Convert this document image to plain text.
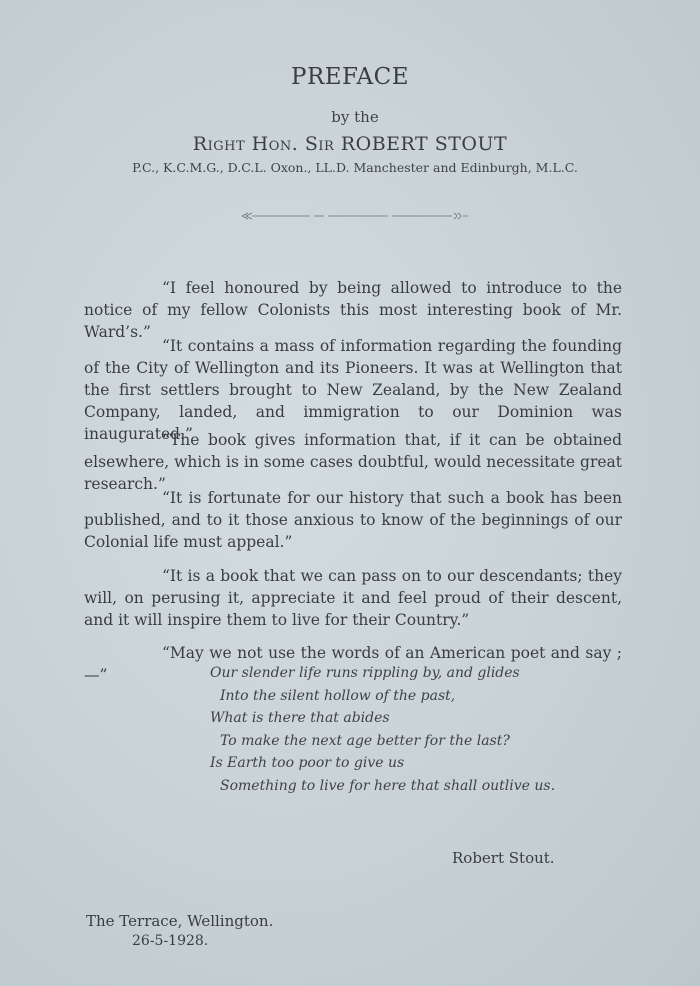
PREFACE
by the
Right Hon. Sir ROBERT STOUT
P.C., K.C.M.G., D.C.L. Oxon., LL.D. Manchester and Edinburgh, M.L.C.

“I feel honoured by being allowed to introduce to the notice of my fellow Colonists this most interesting book of Mr. Ward’s.”

“It contains a mass of information regarding the founding of the City of Wellington and its Pioneers. It was at Wellington that the first settlers brought to New Zealand, by the New Zealand Company, landed, and immigration to our Dominion was inaugurated.”

“The book gives information that, if it can be obtained elsewhere, which is in some cases doubtful, would necessitate great research.”

“It is fortunate for our history that such a book has been published, and to it those anxious to know of the beginnings of our Colonial life must appeal.”

“It is a book that we can pass on to our descendants; they will, on perusing it, appreciate it and feel proud of their descent, and it will inspire them to live for their Country.”

“May we not use the words of an American poet and say ;—”	Our slender life runs rippling by, and glides
Into the silent hollow of the past,
What is there that abides
To make the next age better for the last?
Is Earth too poor to give us
Something to live for here that shall outlive us.
Robert Stout.
The Terrace, Wellington.
26-5-1928.
